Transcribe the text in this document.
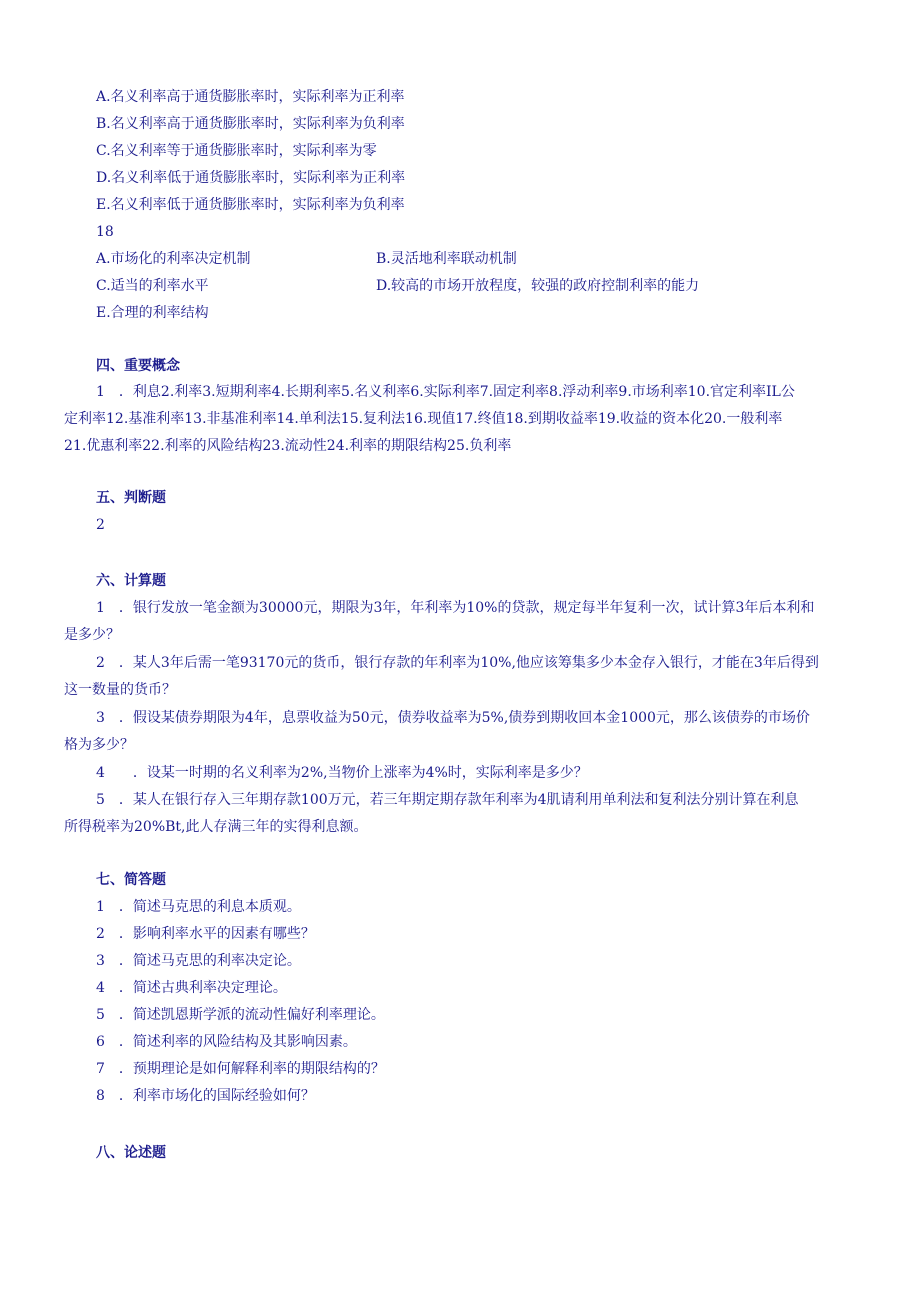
A.名义利率高于通货膨胀率时，实际利率为正利率
B.名义利率高于通货膨胀率时，实际利率为负利率
C.名义利率等于通货膨胀率时，实际利率为零
D.名义利率低于通货膨胀率时，实际利率为正利率
E.名义利率低于通货膨胀率时，实际利率为负利率
18
A.市场化的利率决定机制	B.灵活地利率联动机制
C.适当的利率水平	D.较高的市场开放程度，较强的政府控制利率的能力
E.合理的利率结构
四、重要概念
1　．利息2.利率3.短期利率4.长期利率5.名义利率6.实际利率7.固定利率8.浮动利率9.市场利率10.官定利率IL公
定利率12.基准利率13.非基准利率14.单利法15.复利法16.现值17.终值18.到期收益率19.收益的资本化20.一般利率
21.优惠利率22.利率的风险结构23.流动性24.利率的期限结构25.负利率
五、判断题
2
六、计算题
1　．银行发放一笔金额为30000元，期限为3年，年利率为10%的贷款，规定每半年复利一次，试计算3年后本利和
是多少？
2　．某人3年后需一笔93170元的货币，银行存款的年利率为10%,他应该筹集多少本金存入银行，才能在3年后得到
这一数量的货币？
3　．假设某债券期限为4年，息票收益为50元，债券收益率为5%,债券到期收回本金1000元，那么该债券的市场价
格为多少？
4　　．设某一时期的名义利率为2%,当物价上涨率为4%时，实际利率是多少？
5　．某人在银行存入三年期存款100万元，若三年期定期存款年利率为4肌请利用单利法和复利法分别计算在利息
所得税率为20%Bt,此人存满三年的实得利息额。
七、简答题
1　．简述马克思的利息本质观。
2　．影响利率水平的因素有哪些？
3　．简述马克思的利率决定论。
4　．简述古典利率决定理论。
5　．简述凯恩斯学派的流动性偏好利率理论。
6　．简述利率的风险结构及其影响因素。
7　．预期理论是如何解释利率的期限结构的？
8　．利率市场化的国际经验如何？
八、论述题
